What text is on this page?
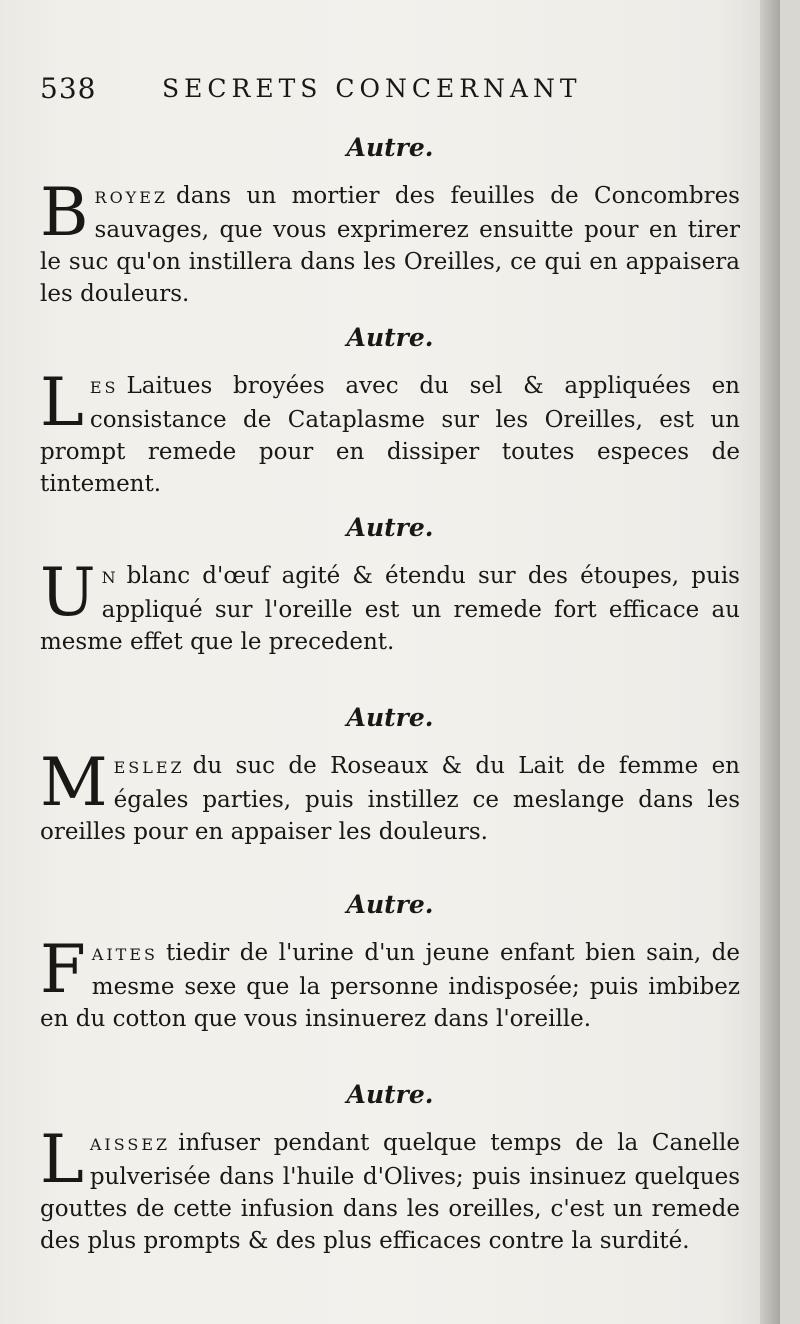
538	SECRETS CONCERNANT
Autre.
BROYEZ dans un mortier des feuilles de Concombres sauvages, que vous exprimerez ensuitte pour en tirer le suc qu'on instillera dans les Oreilles, ce qui en appaisera les douleurs.
Autre.
LES Laitues broyées avec du sel & appliquées en consistance de Cataplasme sur les Oreilles, est un prompt remede pour en dissiper toutes especes de tintement.
Autre.
U N blanc d'œuf agité & étendu sur des étoupes, puis appliqué sur l'oreille est un remede fort efficace au mesme effet que le precedent.
Autre.
MESLEZ du suc de Roseaux & du Lait de femme en égales parties, puis instillez ce meslange dans les oreilles pour en appaiser les douleurs.
Autre.
FAITES tiedir de l'urine d'un jeune enfant bien sain, de mesme sexe que la personne indisposée; puis imbibez en du cotton que vous insinuerez dans l'oreille.
Autre.
LAISSEZ infuser pendant quelque temps de la Canelle pulverisée dans l'huile d'Olives; puis insinuez quelques gouttes de cette infusion dans les oreilles, c'est un remede des plus prompts & des plus efficaces contre la surdité.
